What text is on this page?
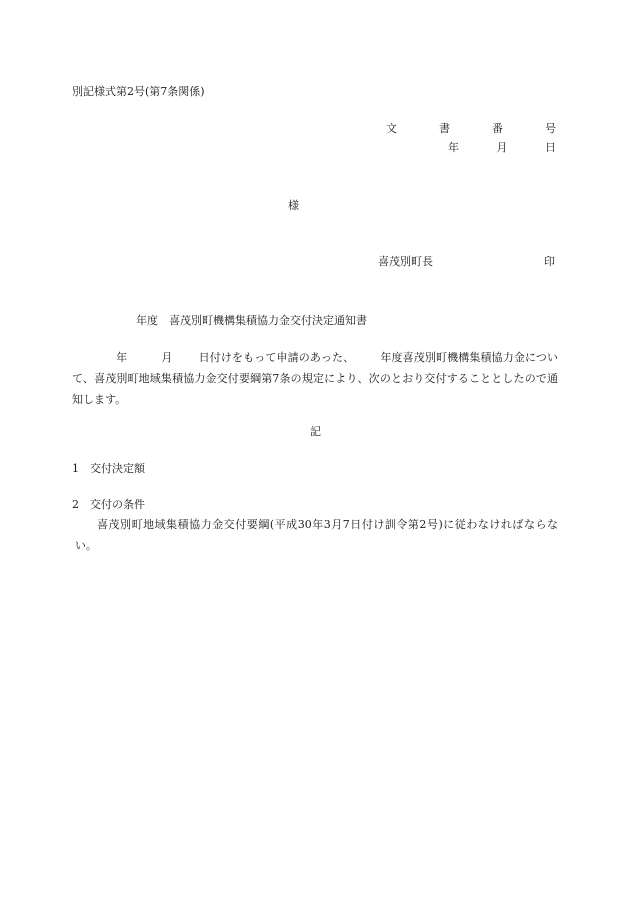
別記様式第2号(第7条関係)
文	書	番	号
年	月	日
様
喜茂別町長	印
年度 喜茂別町機構集積協力金交付決定通知書
年	月 日付けをもって申請のあった、 年度喜茂別町機構集積協力金について、喜茂別町地域集積協力金交付要綱第7条の規定により、次のとおり交付することとしたので通知します。
記
1　交付決定額
2　交付の条件
喜茂別町地域集積協力金交付要綱(平成30年3月7日付け訓令第2号)に従わなければならない。
